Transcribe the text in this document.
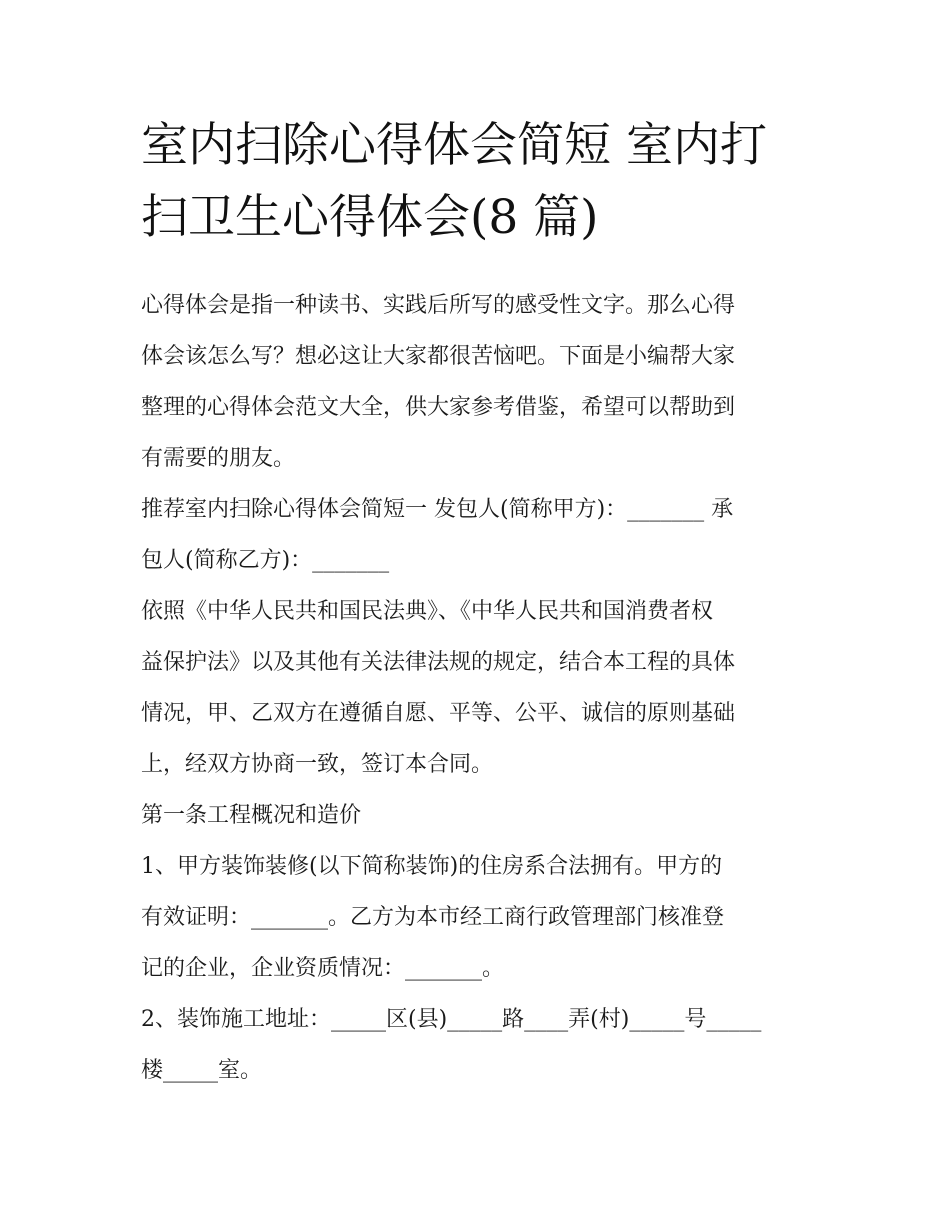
室内扫除心得体会简短 室内打
扫卫生心得体会(8 篇)
心得体会是指一种读书、实践后所写的感受性文字。那么心得
体会该怎么写？想必这让大家都很苦恼吧。下面是小编帮大家
整理的心得体会范文大全，供大家参考借鉴，希望可以帮助到
有需要的朋友。
推荐室内扫除心得体会简短一 发包人(简称甲方)：_______ 承
包人(简称乙方)：_______
依照《中华人民共和国民法典》、《中华人民共和国消费者权
益保护法》以及其他有关法律法规的规定，结合本工程的具体
情况，甲、乙双方在遵循自愿、平等、公平、诚信的原则基础
上，经双方协商一致，签订本合同。
第一条工程概况和造价
1、甲方装饰装修(以下简称装饰)的住房系合法拥有。甲方的
有效证明：_______。乙方为本市经工商行政管理部门核准登
记的企业，企业资质情况：_______。
2、装饰施工地址：_____区(县)_____路____弄(村)_____号_____
楼_____室。
